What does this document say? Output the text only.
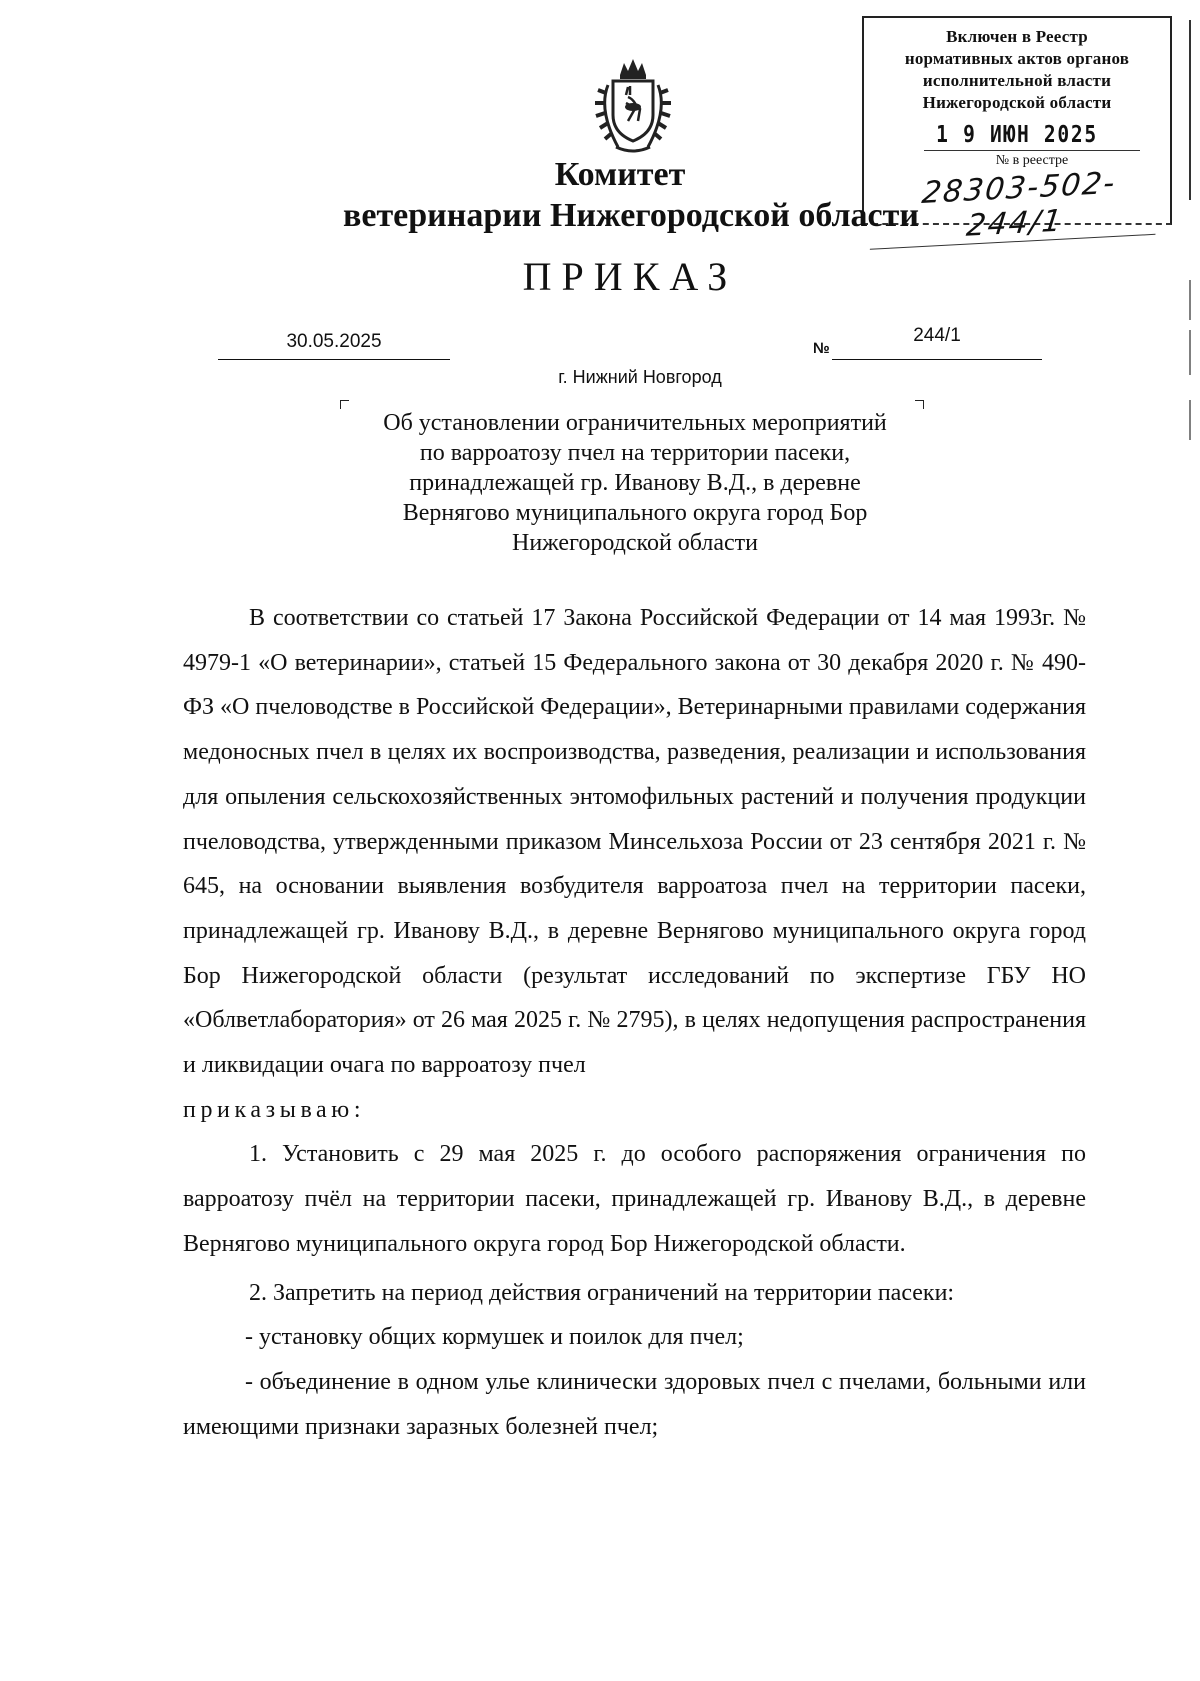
Включен в Реестр
нормативных актов органов
исполнительной власти
Нижегородской области
1 9 ИЮН 2025
№ в реестре
28303-502-244/1
Комитет
ветеринарии Нижегородской области
ПРИКАЗ
30.05.2025	№
244/1
г. Нижний Новгород
Об установлении ограничительных мероприятий
по варроатозу пчел на территории пасеки,
принадлежащей гр. Иванову В.Д., в деревне
Вернягово муниципального округа город Бор
Нижегородской области

В соответствии со статьей 17 Закона Российской Федерации от 14 мая 1993г. № 4979-1 «О ветеринарии», статьей 15 Федерального закона от 30 декабря 2020 г. № 490-ФЗ «О пчеловодстве в Российской Федерации», Ветеринарными правилами содержания медоносных пчел в целях их воспроизводства, разведения, реализации и использования для опыления сельскохозяйственных энтомофильных растений и получения продукции пчеловодства, утвержденными приказом Минсельхоза России от 23 сентября 2021 г. № 645, на основании выявления возбудителя варроатоза пчел на территории пасеки, принадлежащей гр. Иванову В.Д., в деревне Вернягово муниципального округа город Бор Нижегородской области (результат исследований по экспертизе ГБУ НО «Облветлаборатория» от 26 мая 2025 г. № 2795), в целях недопущения распространения и ликвидации очага по варроатозу пчел

приказываю:

1. Установить с 29 мая 2025 г. до особого распоряжения ограничения по варроатозу пчёл на территории пасеки, принадлежащей гр. Иванову В.Д., в деревне Вернягово муниципального округа город Бор Нижегородской области.

2. Запретить на период действия ограничений на территории пасеки:

- установку общих кормушек и поилок для пчел;

- объединение в одном улье клинически здоровых пчел с пчелами, больными или имеющими признаки заразных болезней пчел;
